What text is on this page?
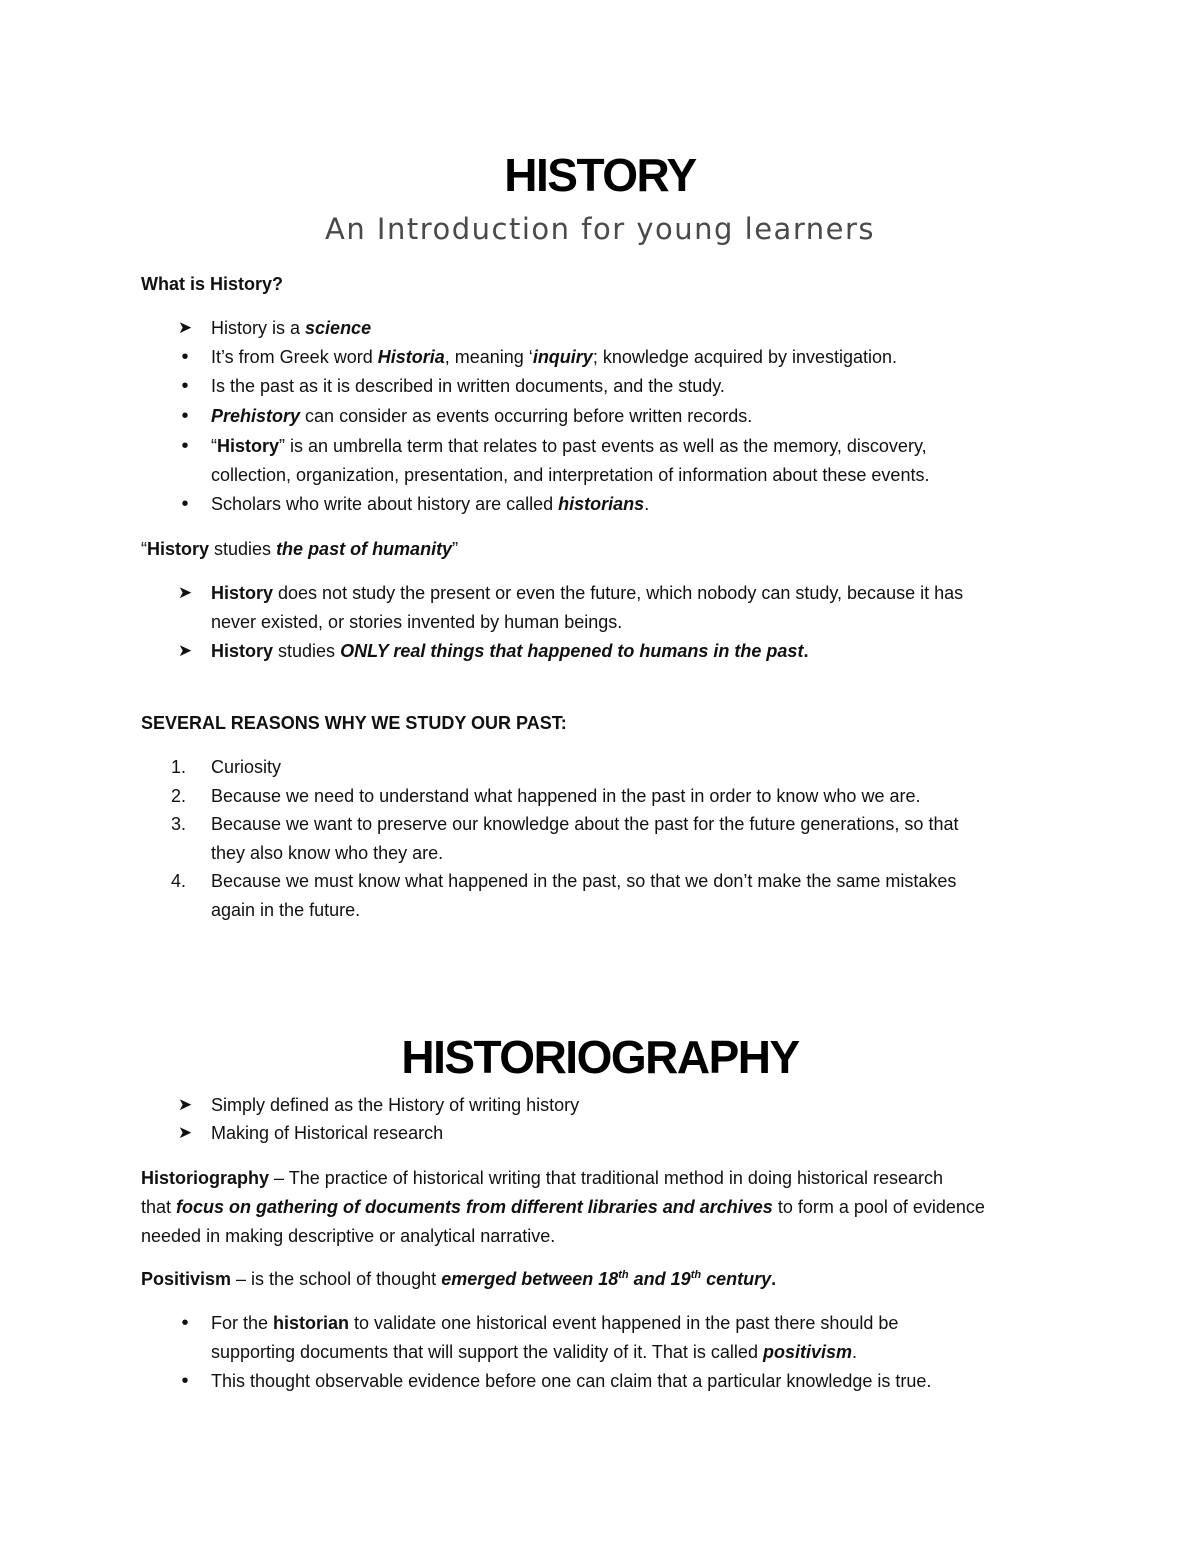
HISTORY
An Introduction for young learners
What is History?
➤ History is a science
•	It’s from Greek word Historia, meaning ‘inquiry; knowledge acquired by investigation.
•	Is the past as it is described in written documents, and the study.
•	Prehistory can consider as events occurring before written records.
•	“History” is an umbrella term that relates to past events as well as the memory, discovery,
collection, organization, presentation, and interpretation of information about these events.
•	Scholars who write about history are called historians.
“History studies the past of humanity”
➤ History does not study the present or even the future, which nobody can study, because it has
never existed, or stories invented by human beings.
➤ History studies ONLY real things that happened to humans in the past.
SEVERAL REASONS WHY WE STUDY OUR PAST:
1.	Curiosity
2.	Because we need to understand what happened in the past in order to know who we are.
3.	Because we want to preserve our knowledge about the past for the future generations, so that
they also know who they are.
4.	Because we must know what happened in the past, so that we don’t make the same mistakes
again in the future.
HISTORIOGRAPHY
➤ Simply defined as the History of writing history
➤ Making of Historical research
Historiography – The practice of historical writing that traditional method in doing historical research
that focus on gathering of documents from different libraries and archives to form a pool of evidence
needed in making descriptive or analytical narrative.
Positivism – is the school of thought emerged between 18th and 19th century.
•	For the historian to validate one historical event happened in the past there should be
supporting documents that will support the validity of it. That is called positivism.
•	This thought observable evidence before one can claim that a particular knowledge is true.
